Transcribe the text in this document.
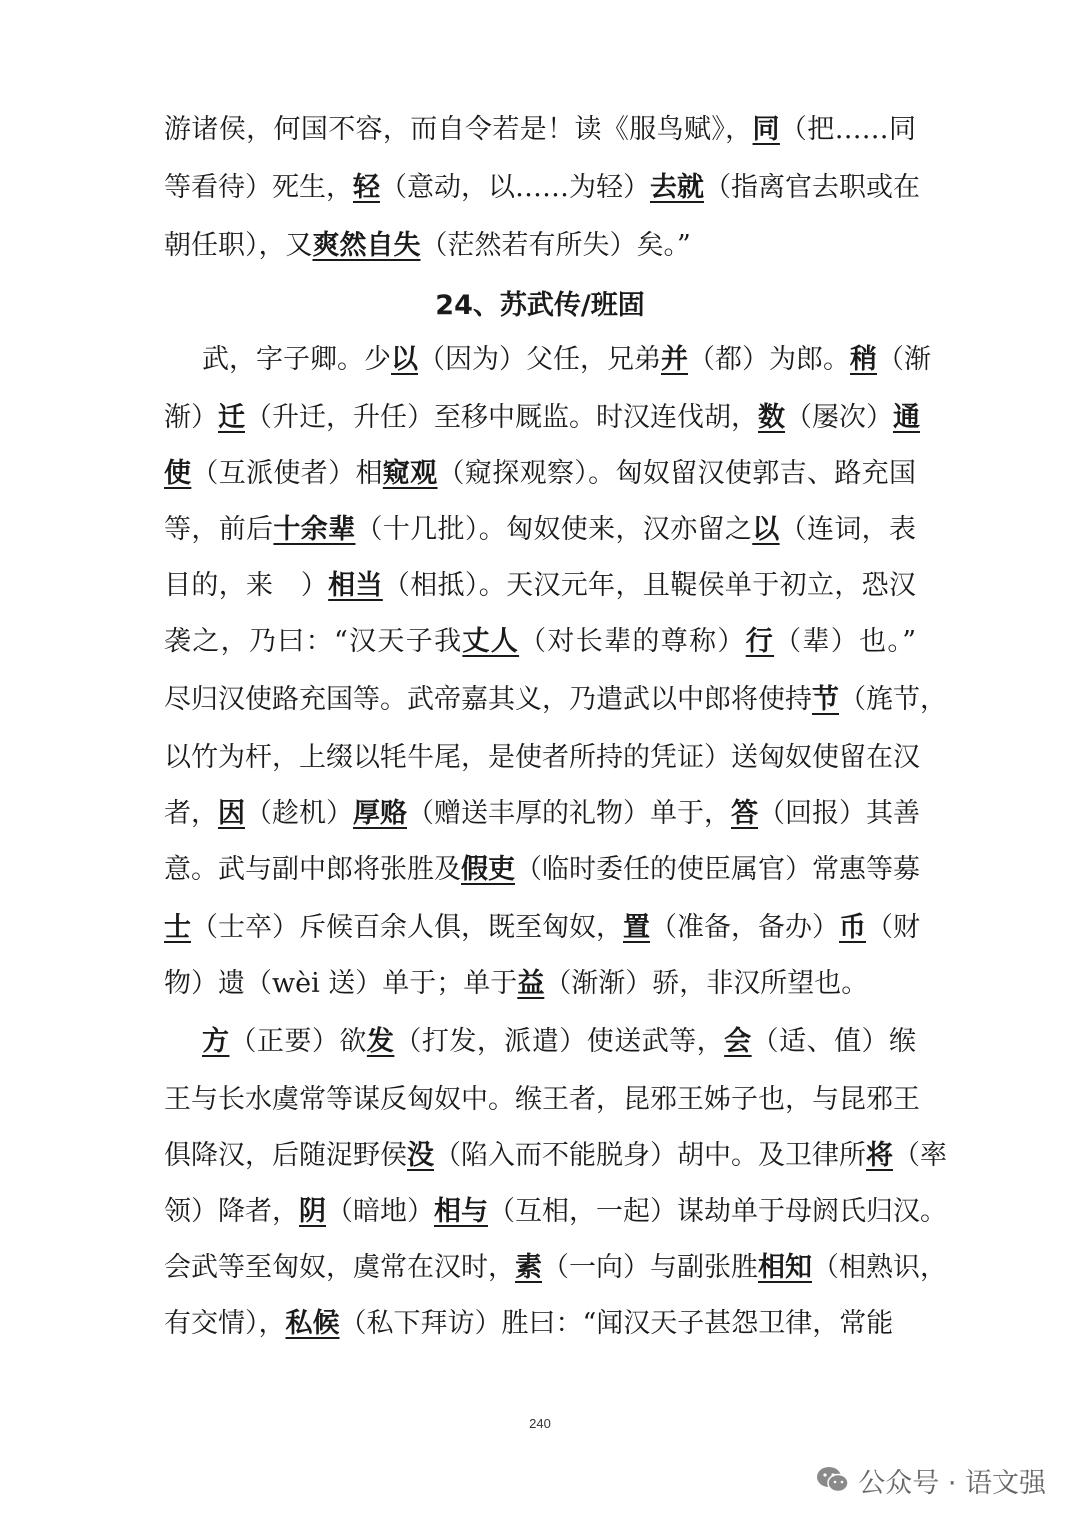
游诸侯，何国不容，而自令若是！读《服鸟赋》，同（把……同
等看待）死生，轻（意动，以……为轻）去就（指离官去职或在
朝任职），又爽然自失（茫然若有所失）矣。”
武，字子卿。少以（因为）父任，兄弟并（都）为郎。稍（渐
渐）迁（升迁，升任）至移中厩监。时汉连伐胡，数（屡次）通
使（互派使者）相窥观（窥探观察）。匈奴留汉使郭吉、路充国
等，前后十余辈（十几批）。匈奴使来，汉亦留之以（连词，表
目的，来　）相当（相抵）。天汉元年，且鞮侯单于初立，恐汉
袭之，乃曰：“汉天子我丈人（对长辈的尊称）行（辈）也。”
尽归汉使路充国等。武帝嘉其义，乃遣武以中郎将使持节（旄节，
以竹为杆，上缀以牦牛尾，是使者所持的凭证）送匈奴使留在汉
者，因（趁机）厚赂（赠送丰厚的礼物）单于，答（回报）其善
意。武与副中郎将张胜及假吏（临时委任的使臣属官）常惠等募
士（士卒）斥候百余人俱，既至匈奴，置（准备，备办）币（财
物）遗（wèi 送）单于；单于益（渐渐）骄，非汉所望也。
方（正要）欲发（打发，派遣）使送武等，会（适、值）缑
王与长水虞常等谋反匈奴中。缑王者，昆邪王姊子也，与昆邪王
俱降汉，后随浞野侯没（陷入而不能脱身）胡中。及卫律所将（率
领）降者，阴（暗地）相与（互相，一起）谋劫单于母阏氏归汉。
会武等至匈奴，虞常在汉时，素（一向）与副张胜相知（相熟识，
有交情），私候（私下拜访）胜曰：“闻汉天子甚怨卫律，常能
24、苏武传/班固
240
公众号 · 语文强
